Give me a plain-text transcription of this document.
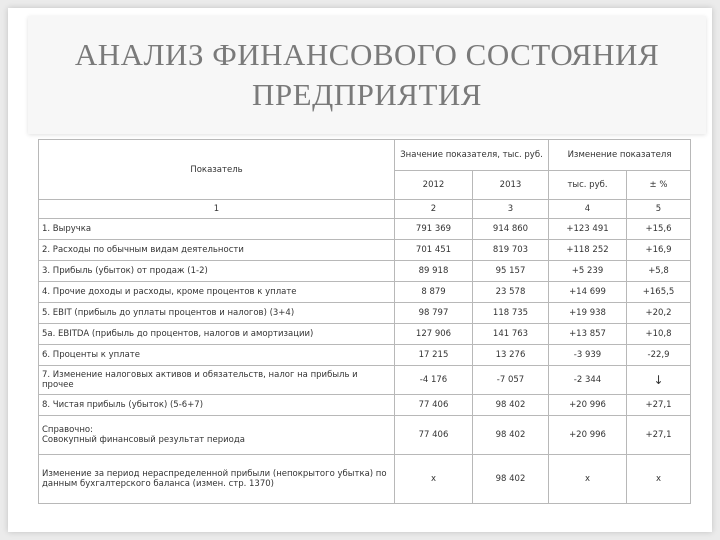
АНАЛИЗ ФИНАНСОВОГО СОСТОЯНИЯ ПРЕДПРИЯТИЯ
Показатель	Значение показателя, тыс. руб.		Изменение показателя	
	2012	2013	тыс. руб.	± %
1	2	3	4	5
1. Выручка	791 369	914 860	+123 491	+15,6
2. Расходы по обычным видам деятельности	701 451	819 703	+118 252	+16,9
3. Прибыль (убыток) от продаж (1-2)	89 918	95 157	+5 239	+5,8
4. Прочие доходы и расходы, кроме процентов к уплате	8 879	23 578	+14 699	+165,5
5. EBIT (прибыль до уплаты процентов и налогов) (3+4)	98 797	118 735	+19 938	+20,2
5а. EBITDA (прибыль до процентов, налогов и амортизации)	127 906	141 763	+13 857	+10,8
6. Проценты к уплате	17 215	13 276	-3 939	-22,9
7. Изменение налоговых активов и обязательств, налог на прибыль и прочее	-4 176	-7 057	-2 344	↓
8. Чистая прибыль (убыток) (5-6+7)	77 406	98 402	+20 996	+27,1
Справочно:
Совокупный финансовый результат периода	77 406	98 402	+20 996	+27,1
Изменение за период нераспределенной прибыли (непокрытого убытка) по данным бухгалтерского баланса (измен. стр. 1370)	x	98 402	x	x
